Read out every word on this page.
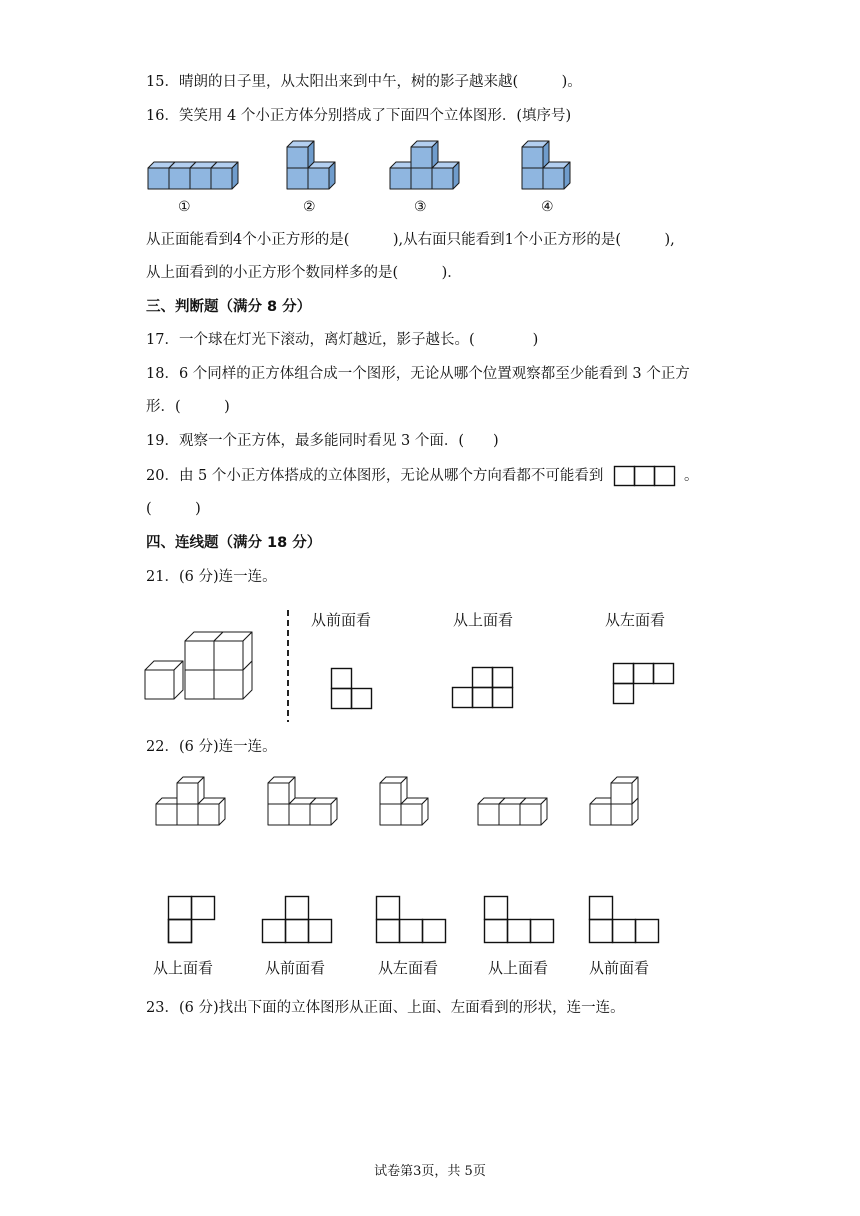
15．晴朗的日子里，从太阳出来到中午，树的影子越来越(　　　)。
16．笑笑用 4 个小正方体分别搭成了下面四个立体图形．(填序号)
①	②	③	④
从正面能看到4个小正方形的是(　　　),从右面只能看到1个小正方形的是(　　　),
从上面看到的小正方形个数同样多的是(　　　)．
三、判断题（满分 8 分）
17．一个球在灯光下滚动，离灯越近，影子越长。(　　　　)
18．6 个同样的正方体组合成一个图形，无论从哪个位置观察都至少能看到 3 个正方
形．(　　　)
19．观察一个正方体，最多能同时看见 3 个面．(　　)
20．由 5 个小正方体搭成的立体图形，无论从哪个方向看都不可能看到	。
(　　　)
四、连线题（满分 18 分）
21．(6 分)连一连。
从前面看	从上面看	从左面看
22．(6 分)连一连。
从上面看	从前面看	从左面看	从上面看	从前面看
23．(6 分)找出下面的立体图形从正面、上面、左面看到的形状，连一连。
试卷第3页，共 5页
